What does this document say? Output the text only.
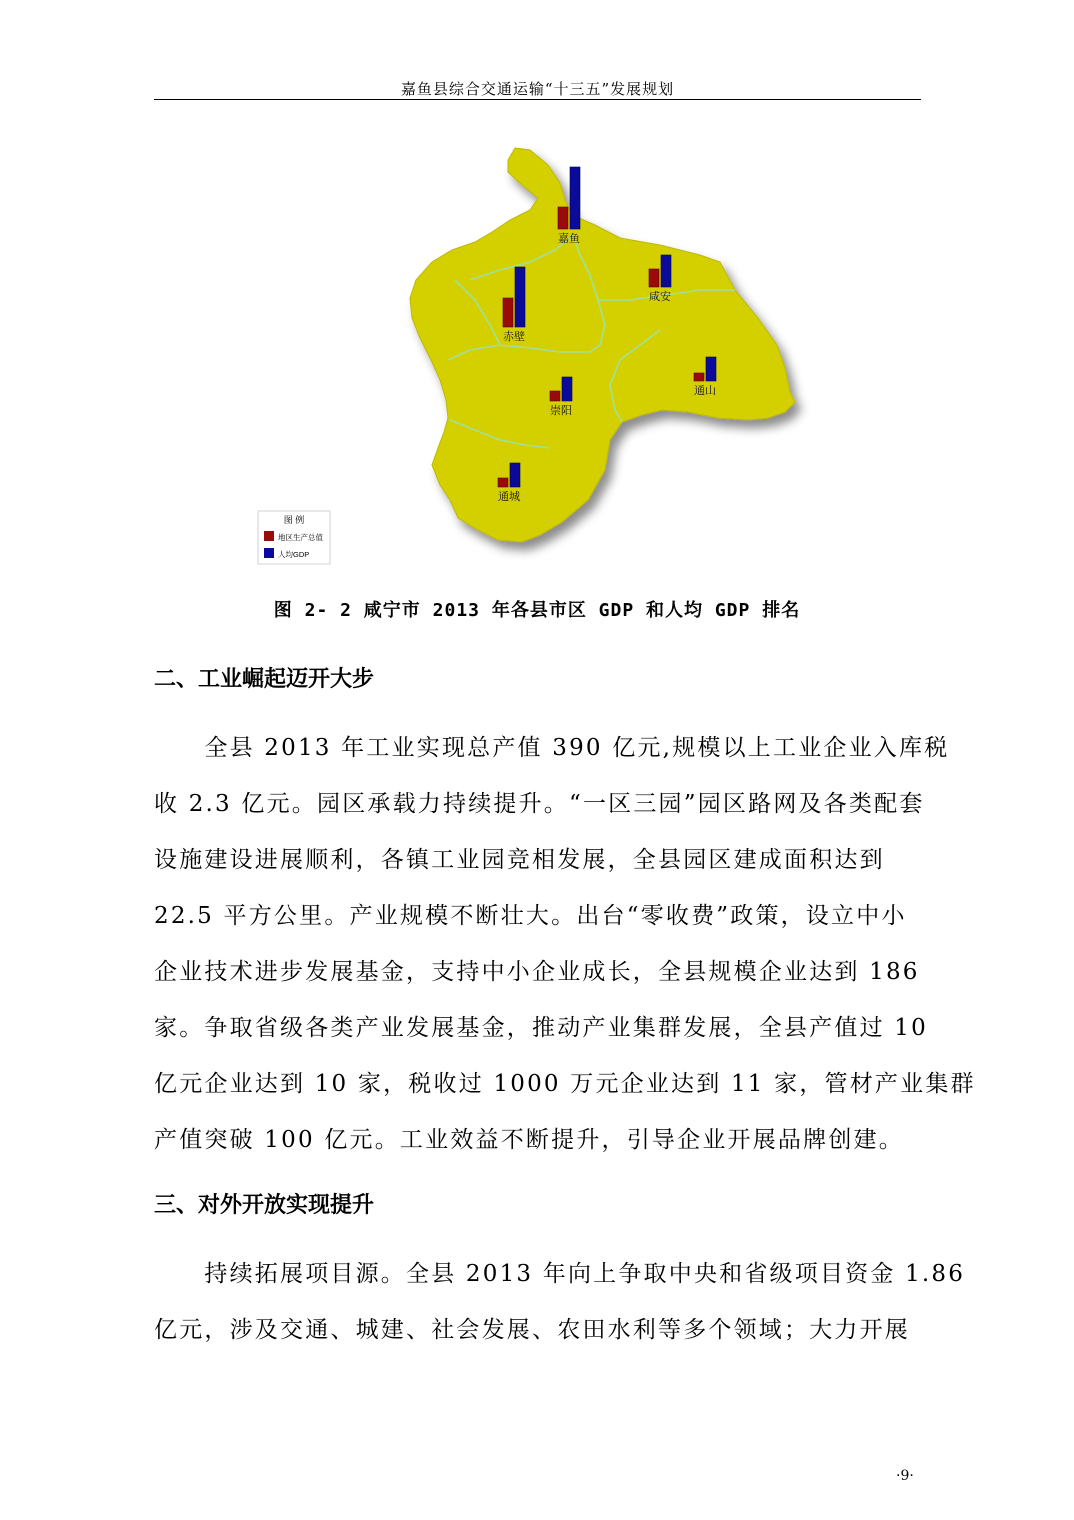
嘉鱼县综合交通运输“十三五”发展规划
嘉鱼
咸安
赤壁
崇阳
通山
通城
图 例
地区生产总值
人均GDP
图 2- 2 咸宁市 2013 年各县市区 GDP 和人均 GDP 排名
二、工业崛起迈开大步
　　全县 2013 年工业实现总产值 390 亿元,规模以上工业企业入库税
收 2.3 亿元。园区承载力持续提升。“一区三园”园区路网及各类配套
设施建设进展顺利，各镇工业园竞相发展，全县园区建成面积达到
22.5 平方公里。产业规模不断壮大。出台“零收费”政策，设立中小
企业技术进步发展基金，支持中小企业成长，全县规模企业达到 186
家。争取省级各类产业发展基金，推动产业集群发展，全县产值过 10
亿元企业达到 10 家，税收过 1000 万元企业达到 11 家，管材产业集群
产值突破 100 亿元。工业效益不断提升，引导企业开展品牌创建。
三、对外开放实现提升
　　持续拓展项目源。全县 2013 年向上争取中央和省级项目资金 1.86
亿元，涉及交通、城建、社会发展、农田水利等多个领域；大力开展
·9·
